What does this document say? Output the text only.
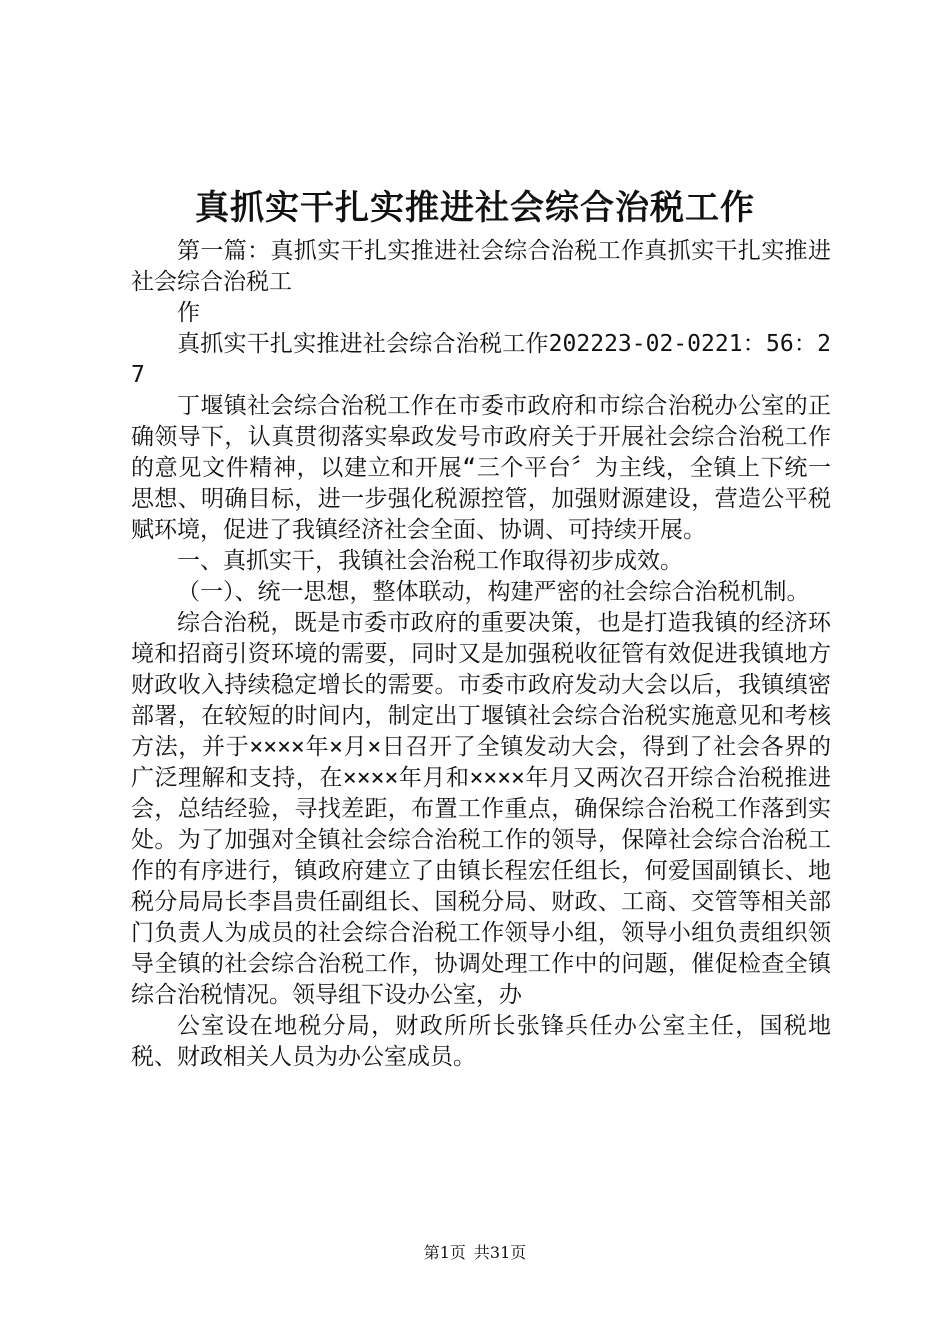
真抓实干扎实推进社会综合治税工作

第一篇：真抓实干扎实推进社会综合治税工作真抓实干扎实推进社会综合治税工

作

真抓实干扎实推进社会综合治税工作202223-02-0221：56：27

丁堰镇社会综合治税工作在市委市政府和市综合治税办公室的正确领导下，认真贯彻落实皋政发号市政府关于开展社会综合治税工作的意见文件精神，以建立和开展“三个平台〞为主线，全镇上下统一思想、明确目标，进一步强化税源控管，加强财源建设，营造公平税赋环境，促进了我镇经济社会全面、协调、可持续开展。

一、真抓实干，我镇社会治税工作取得初步成效。

（一）、统一思想，整体联动，构建严密的社会综合治税机制。

综合治税，既是市委市政府的重要决策，也是打造我镇的经济环境和招商引资环境的需要，同时又是加强税收征管有效促进我镇地方财政收入持续稳定增长的需要。市委市政府发动大会以后，我镇缜密部署，在较短的时间内，制定出丁堰镇社会综合治税实施意见和考核方法，并于××××年×月×日召开了全镇发动大会，得到了社会各界的广泛理解和支持，在××××年月和××××年月又两次召开综合治税推进会，总结经验，寻找差距，布置工作重点，确保综合治税工作落到实处。为了加强对全镇社会综合治税工作的领导，保障社会综合治税工作的有序进行，镇政府建立了由镇长程宏任组长，何爱国副镇长、地税分局局长李昌贵任副组长、国税分局、财政、工商、交管等相关部门负责人为成员的社会综合治税工作领导小组，领导小组负责组织领导全镇的社会综合治税工作，协调处理工作中的问题，催促检查全镇综合治税情况。领导组下设办公室，办

公室设在地税分局，财政所所长张锋兵任办公室主任，国税地税、财政相关人员为办公室成员。

第1页 共31页
